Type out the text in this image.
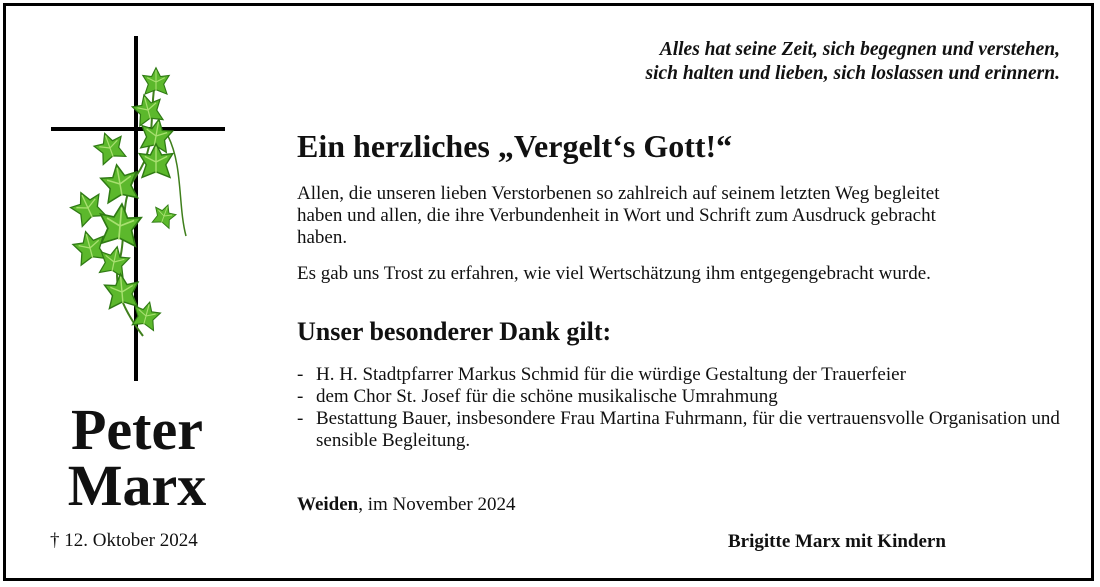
Alles hat seine Zeit, sich begegnen und verstehen,
sich halten und lieben, sich loslassen und erinnern.
Peter
Marx
† 12. Oktober 2024
Ein herzliches „Vergelt‘s Gott!“
Allen, die unseren lieben Verstorbenen so zahlreich auf seinem letzten Weg begleitet haben und allen, die ihre Verbundenheit in Wort und Schrift zum Ausdruck gebracht haben.
Es gab uns Trost zu erfahren, wie viel Wertschätzung ihm entgegengebracht wurde.
Unser besonderer Dank gilt:
- H. H. Stadtpfarrer Markus Schmid für die würdige Gestaltung der Trauerfeier
- dem Chor St. Josef für die schöne musikalische Umrahmung
- Bestattung Bauer, insbesondere Frau Martina Fuhrmann, für die vertrauensvolle Organisation und sensible Begleitung.
Weiden, im November 2024
Brigitte Marx mit Kindern
